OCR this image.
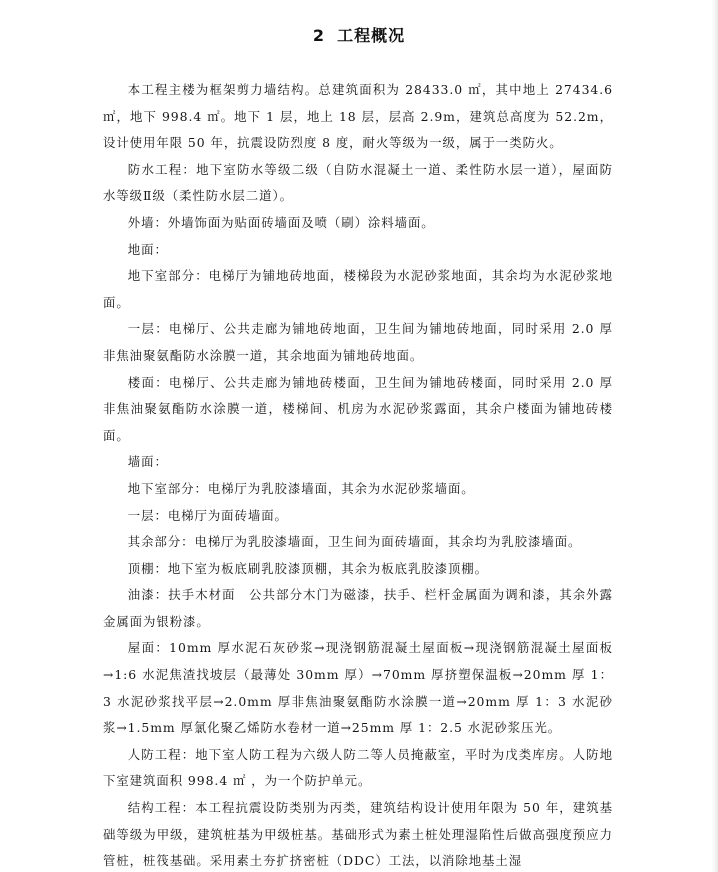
2 工程概况

本工程主楼为框架剪力墙结构。总建筑面积为 28433.0 ㎡，其中地上 27434.6 ㎡，地下 998.4 ㎡。地下 1 层，地上 18 层，层高 2.9m，建筑总高度为 52.2m，设计使用年限 50 年，抗震设防烈度 8 度，耐火等级为一级，属于一类防火。

防水工程：地下室防水等级二级（自防水混凝土一道、柔性防水层一道），屋面防水等级Ⅱ级（柔性防水层二道）。

外墙：外墙饰面为贴面砖墙面及喷（刷）涂料墙面。

地面：

地下室部分：电梯厅为铺地砖地面，楼梯段为水泥砂浆地面，其余均为水泥砂浆地面。

一层：电梯厅、公共走廊为铺地砖地面，卫生间为铺地砖地面，同时采用 2.0 厚非焦油聚氨酯防水涂膜一道，其余地面为铺地砖地面。

楼面：电梯厅、公共走廊为铺地砖楼面，卫生间为铺地砖楼面，同时采用 2.0 厚非焦油聚氨酯防水涂膜一道，楼梯间、机房为水泥砂浆露面，其余户楼面为铺地砖楼面。

墙面：

地下室部分：电梯厅为乳胶漆墙面，其余为水泥砂浆墙面。

一层：电梯厅为面砖墙面。

其余部分：电梯厅为乳胶漆墙面，卫生间为面砖墙面，其余均为乳胶漆墙面。

顶棚：地下室为板底刷乳胶漆顶棚，其余为板底乳胶漆顶棚。

油漆：扶手木材面　公共部分木门为磁漆，扶手、栏杆金属面为调和漆，其余外露金属面为银粉漆。

屋面：10mm 厚水泥石灰砂浆→现浇钢筋混凝土屋面板→现浇钢筋混凝土屋面板→1:6 水泥焦渣找坡层（最薄处 30mm 厚）→70mm 厚挤塑保温板→20mm 厚 1：3 水泥砂浆找平层→2.0mm 厚非焦油聚氨酯防水涂膜一道→20mm 厚 1：3 水泥砂浆→1.5mm 厚氯化聚乙烯防水卷材一道→25mm 厚 1：2.5 水泥砂浆压光。

人防工程：地下室人防工程为六级人防二等人员掩蔽室，平时为戊类库房。人防地下室建筑面积 998.4 ㎡ ，为一个防护单元。

结构工程：本工程抗震设防类别为丙类，建筑结构设计使用年限为 50 年，建筑基础等级为甲级，建筑桩基为甲级桩基。基础形式为素土桩处理湿陷性后做高强度预应力管桩，桩筏基础。采用素土夯扩挤密桩（DDC）工法，以消除地基土湿
